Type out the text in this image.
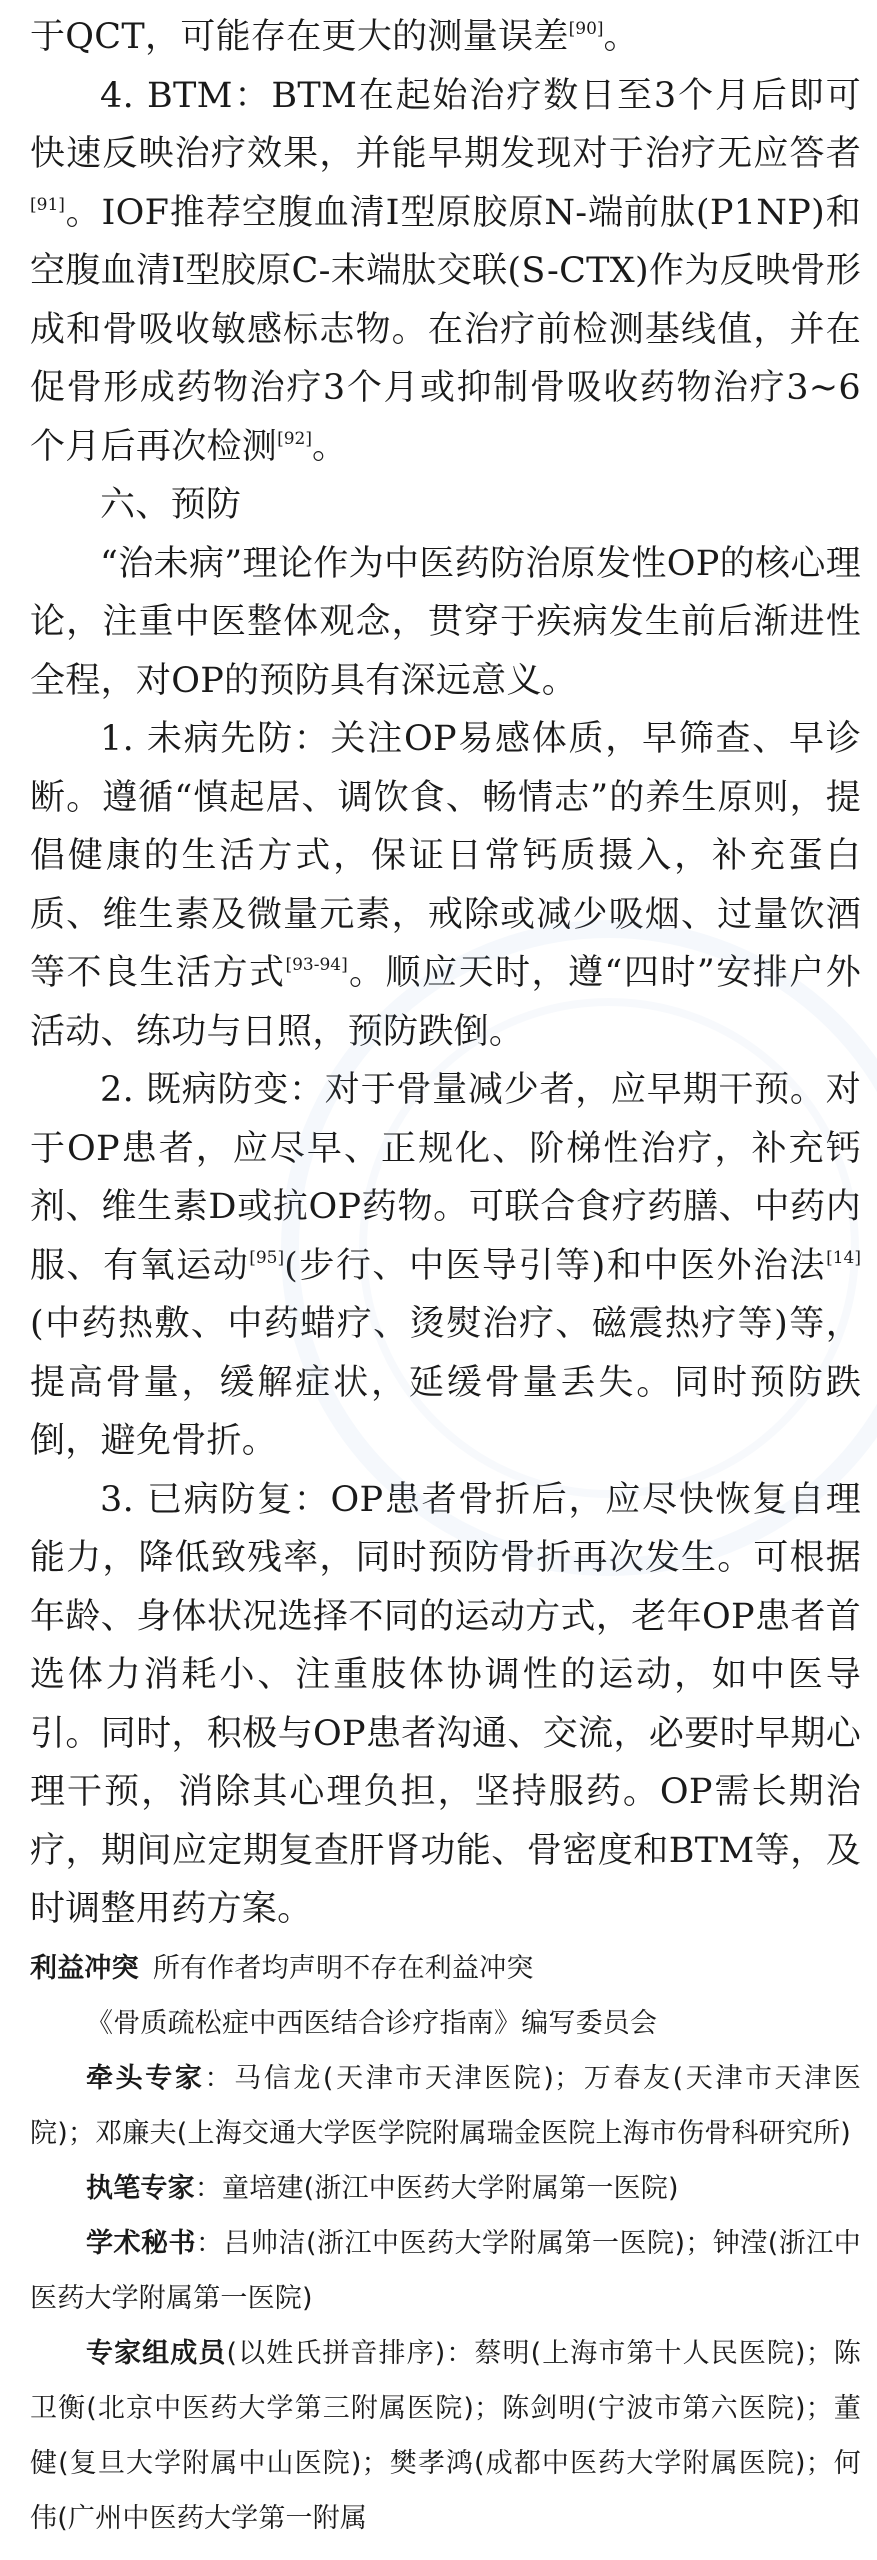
于QCT，可能存在更大的测量误差[90]。

4. BTM：BTM在起始治疗数日至3个月后即可快速反映治疗效果，并能早期发现对于治疗无应答者[91]。IOF推荐空腹血清Ⅰ型原胶原N-端前肽(P1NP)和空腹血清Ⅰ型胶原C-末端肽交联(S-CTX)作为反映骨形成和骨吸收敏感标志物。在治疗前检测基线值，并在促骨形成药物治疗3个月或抑制骨吸收药物治疗3~6个月后再次检测[92]。

六、预防

“治未病”理论作为中医药防治原发性OP的核心理论，注重中医整体观念，贯穿于疾病发生前后渐进性全程，对OP的预防具有深远意义。

1. 未病先防：关注OP易感体质，早筛查、早诊断。遵循“慎起居、调饮食、畅情志”的养生原则，提倡健康的生活方式，保证日常钙质摄入，补充蛋白质、维生素及微量元素，戒除或减少吸烟、过量饮酒等不良生活方式[93-94]。顺应天时，遵“四时”安排户外活动、练功与日照，预防跌倒。

2. 既病防变：对于骨量减少者，应早期干预。对于OP患者，应尽早、正规化、阶梯性治疗，补充钙剂、维生素D或抗OP药物。可联合食疗药膳、中药内服、有氧运动[95](步行、中医导引等)和中医外治法[14](中药热敷、中药蜡疗、烫熨治疗、磁震热疗等)等，提高骨量，缓解症状，延缓骨量丢失。同时预防跌倒，避免骨折。

3. 已病防复：OP患者骨折后，应尽快恢复自理能力，降低致残率，同时预防骨折再次发生。可根据年龄、身体状况选择不同的运动方式，老年OP患者首选体力消耗小、注重肢体协调性的运动，如中医导引。同时，积极与OP患者沟通、交流，必要时早期心理干预，消除其心理负担，坚持服药。OP需长期治疗，期间应定期复查肝肾功能、骨密度和BTM等，及时调整用药方案。

利益冲突 所有作者均声明不存在利益冲突

《骨质疏松症中西医结合诊疗指南》编写委员会

牵头专家：马信龙(天津市天津医院)；万春友(天津市天津医院)；邓廉夫(上海交通大学医学院附属瑞金医院上海市伤骨科研究所)

执笔专家：童培建(浙江中医药大学附属第一医院)

学术秘书：吕帅洁(浙江中医药大学附属第一医院)；钟滢(浙江中医药大学附属第一医院)

专家组成员(以姓氏拼音排序)：蔡明(上海市第十人民医院)；陈卫衡(北京中医药大学第三附属医院)；陈剑明(宁波市第六医院)；董健(复旦大学附属中山医院)；樊孝鸿(成都中医药大学附属医院)；何伟(广州中医药大学第一附属
